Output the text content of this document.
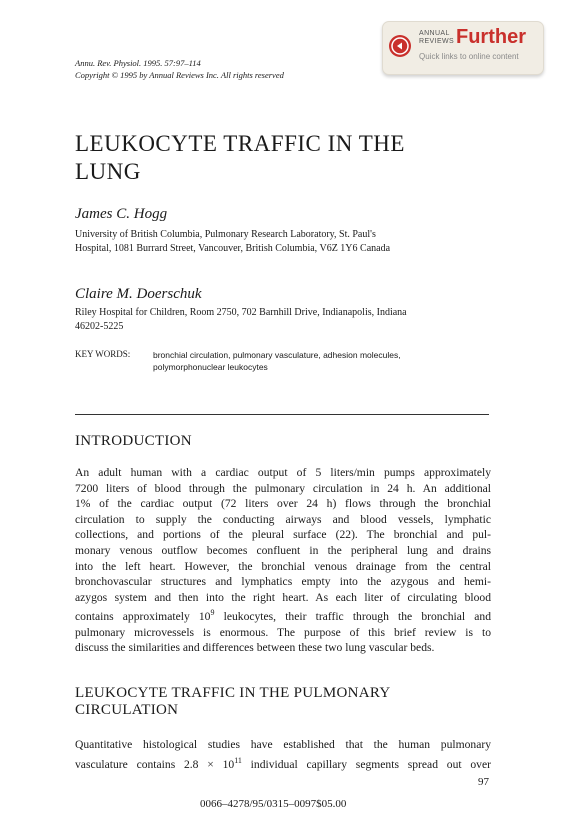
Annu. Rev. Physiol. 1995. 57:97–114
Copyright © 1995 by Annual Reviews Inc. All rights reserved
ANNUAL
REVIEWS Further
Quick links to online content
LEUKOCYTE TRAFFIC IN THE
LUNG
James C. Hogg
University of British Columbia, Pulmonary Research Laboratory, St. Paul's
Hospital, 1081 Burrard Street, Vancouver, British Columbia, V6Z 1Y6 Canada
Claire M. Doerschuk
Riley Hospital for Children, Room 2750, 702 Barnhill Drive, Indianapolis, Indiana
46202-5225
KEY WORDS:	bronchial circulation, pulmonary vasculature, adhesion molecules,
polymorphonuclear leukocytes
INTRODUCTION
An adult human with a cardiac output of 5 liters/min pumps approximately
7200 liters of blood through the pulmonary circulation in 24 h. An additional
1% of the cardiac output (72 liters over 24 h) flows through the bronchial
circulation to supply the conducting airways and blood vessels, lymphatic
collections, and portions of the pleural surface (22). The bronchial and pul-
monary venous outflow becomes confluent in the peripheral lung and drains
into the left heart. However, the bronchial venous drainage from the central
bronchovascular structures and lymphatics empty into the azygous and hemi-
azygos system and then into the right heart. As each liter of circulating blood
contains approximately $10^9$ leukocytes, their traffic through the bronchial and
pulmonary microvessels is enormous. The purpose of this brief review is to
discuss the similarities and differences between these two lung vascular beds.
LEUKOCYTE TRAFFIC IN THE PULMONARY
CIRCULATION
Quantitative histological studies have established that the human pulmonary
vasculature contains $2.8 \times 10^{11}$ individual capillary segments spread out over
97
0066–4278/95/0315–0097$05.00
